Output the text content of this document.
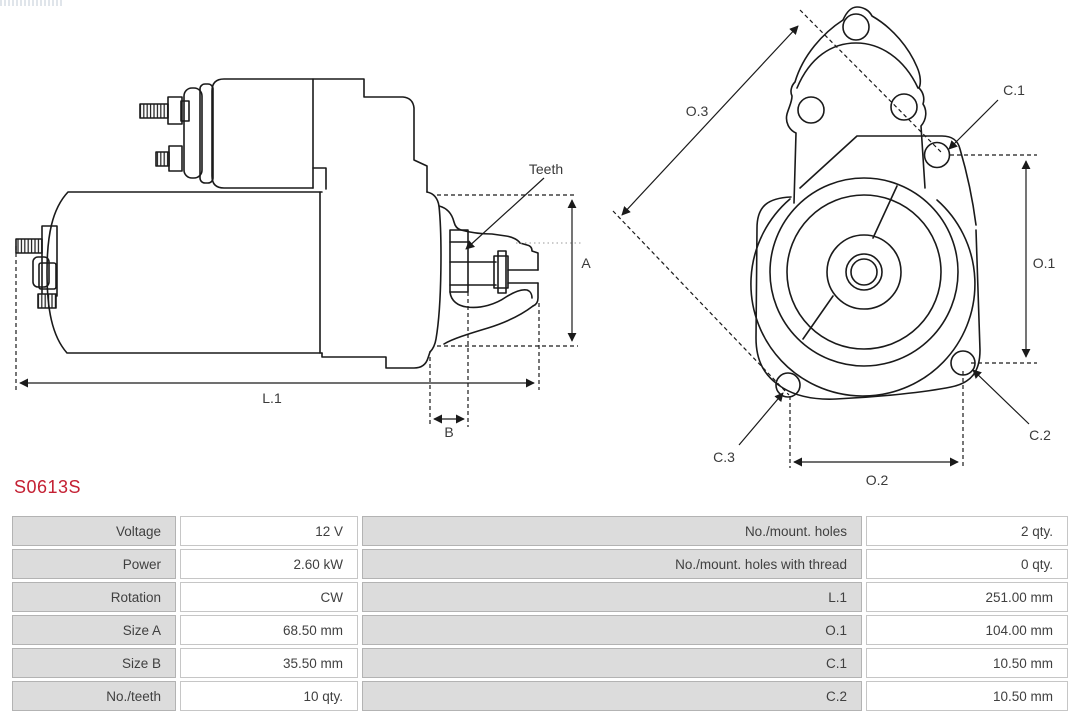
Teeth
A
L.1
B
O.3
C.1
O.1
O.2
C.2
C.3
S0613S
Voltage	12 V	No./mount. holes	2 qty.
Power	2.60 kW	No./mount. holes with thread	0 qty.
Rotation	CW	L.1	251.00 mm
Size A	68.50 mm	O.1	104.00 mm
Size B	35.50 mm	C.1	10.50 mm
No./teeth	10 qty.	C.2	10.50 mm
